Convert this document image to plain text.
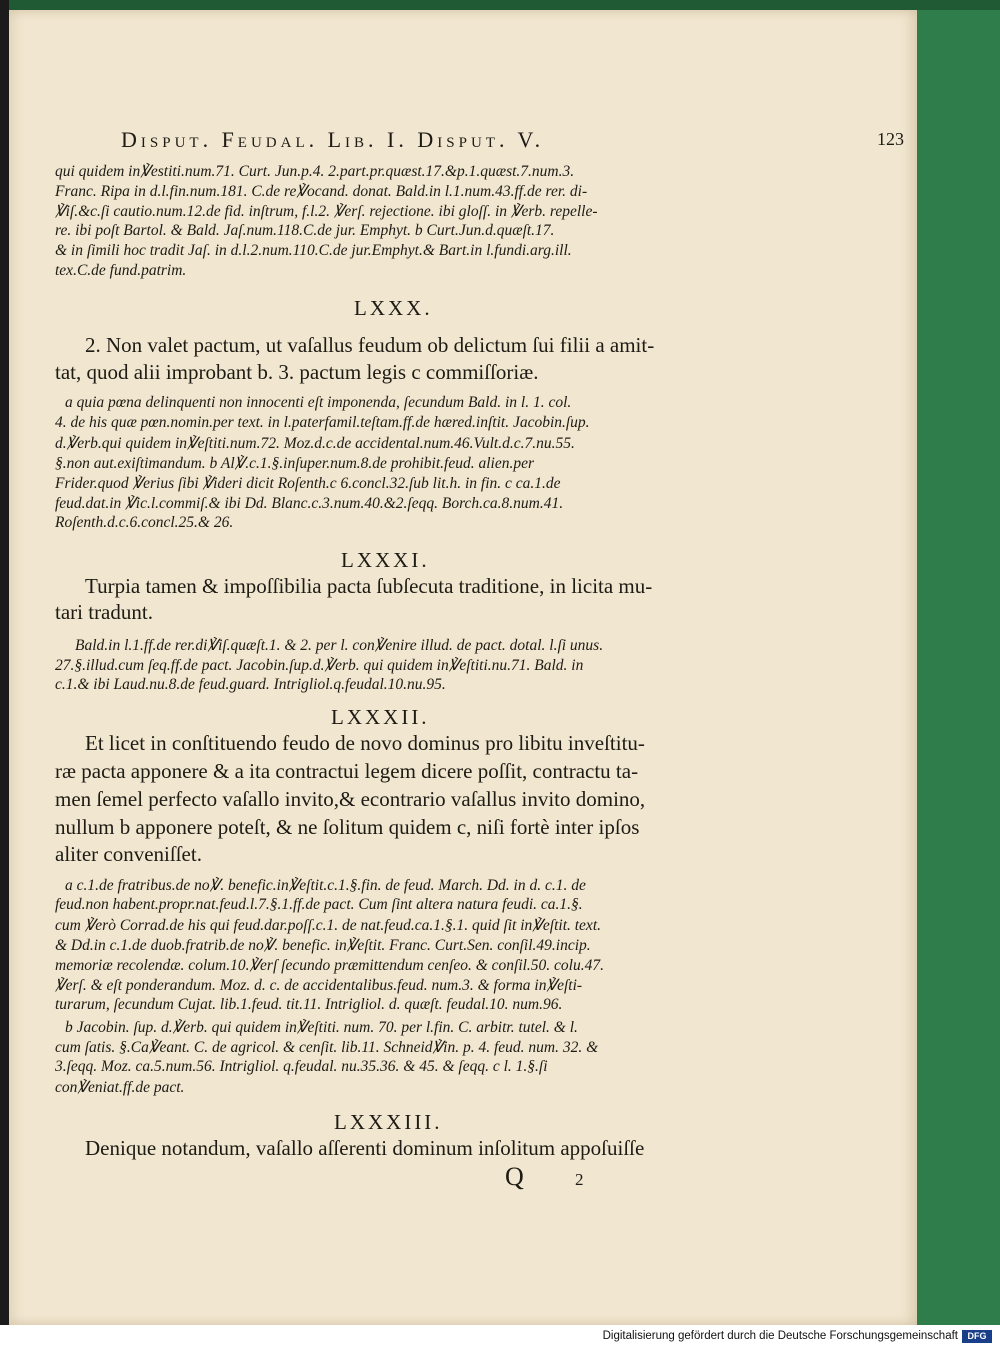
Disput. Feudal. Lib. I. Disput. V.	123
qui quidem in℣estiti.num.71. Curt. Jun.p.4. 2.part.pr.quæst.17.&p.1.quæst.7.num.3.
Franc. Ripa in d.l.fin.num.181. C.de re℣ocand. donat. Bald.in l.1.num.43.ff.de rer. di-
℣iſ.&c.ſi cautio.num.12.de fid. inſtrum, f.l.2. ℣erſ. rejectione. ibi gloſſ. in ℣erb. repelle-
re. ibi poſt Bartol. & Bald. Jaſ.num.118.C.de jur. Emphyt. b Curt.Jun.d.quæſt.17.
& in ſimili hoc tradit Jaſ. in d.l.2.num.110.C.de jur.Emphyt.& Bart.in l.fundi.arg.ill.
tex.C.de fund.patrim.
LXXX.
2. Non valet pactum, ut vaſallus feudum ob delictum ſui filii a amit-
tat, quod alii improbant b. 3. pactum legis c commiſſoriæ.
a quia pœna delinquenti non innocenti eſt imponenda, ſecundum Bald. in l. 1. col.
4. de his quæ pœn.nomin.per text. in l.paterfamil.teſtam.ff.de hæred.inſtit. Jacobin.ſup.
d.℣erb.qui quidem in℣eſtiti.num.72. Moz.d.c.de accidental.num.46.Vult.d.c.7.nu.55.
§.non aut.exiſtimandum. b Al℣.c.1.§.inſuper.num.8.de prohibit.feud. alien.per
Frider.quod ℣erius ſibi ℣ideri dicit Roſenth.c 6.concl.32.ſub lit.h. in fin. c ca.1.de
feud.dat.in ℣ic.l.commiſ.& ibi Dd. Blanc.c.3.num.40.&2.ſeqq. Borch.ca.8.num.41.
Roſenth.d.c.6.concl.25.& 26.
LXXXI.
Turpia tamen & impoſſibilia pacta ſubſecuta traditione, in licita mu-
tari tradunt.
Bald.in l.1.ff.de rer.di℣iſ.quæſt.1. & 2. per l. con℣enire illud. de pact. dotal. l.ſi unus.
27.§.illud.cum ſeq.ff.de pact. Jacobin.ſup.d.℣erb. qui quidem in℣eſtiti.nu.71. Bald. in
c.1.& ibi Laud.nu.8.de feud.guard. Intrigliol.q.feudal.10.nu.95.
LXXXII.
Et licet in conſtituendo feudo de novo dominus pro libitu inveſtitu-
ræ pacta apponere & a ita contractui legem dicere poſſit, contractu ta-
men ſemel perfecto vaſallo invito,& econtrario vaſallus invito domino,
nullum b apponere poteſt, & ne ſolitum quidem c, niſi fortè inter ipſos
aliter conveniſſet.
a c.1.de fratribus.de no℣. benefic.in℣eſtit.c.1.§.fin. de feud. March. Dd. in d. c.1. de
feud.non habent.propr.nat.feud.l.7.§.1.ff.de pact. Cum ſint altera natura feudi. ca.1.§.
cum ℣erò Corrad.de his qui feud.dar.poſſ.c.1. de nat.feud.ca.1.§.1. quid ſit in℣eſtit. text.
& Dd.in c.1.de duob.fratrib.de no℣. benefic. in℣eſtit. Franc. Curt.Sen. conſil.49.incip.
memoriæ recolendæ. colum.10.℣erſ ſecundo præmittendum cenſeo. & conſil.50. colu.47.
℣erſ. & eſt ponderandum. Moz. d. c. de accidentalibus.feud. num.3. & forma in℣eſti-
turarum, ſecundum Cujat. lib.1.feud. tit.11. Intrigliol. d. quæſt. feudal.10. num.96.
b Jacobin. ſup. d.℣erb. qui quidem in℣eſtiti. num. 70. per l.fin. C. arbitr. tutel. & l.
cum ſatis. §.Ca℣eant. C. de agricol. & cenſit. lib.11. Schneid℣in. p. 4. feud. num. 32. &
3.ſeqq. Moz. ca.5.num.56. Intrigliol. q.feudal. nu.35.36. & 45. & ſeqq. c l. 1.§.ſi
con℣eniat.ff.de pact.
LXXXIII.
Denique notandum, vaſallo aſſerenti dominum inſolitum appoſuiſſe
Q	2
Digitalisierung gefördert durch die Deutsche Forschungsgemeinschaft	DFG
